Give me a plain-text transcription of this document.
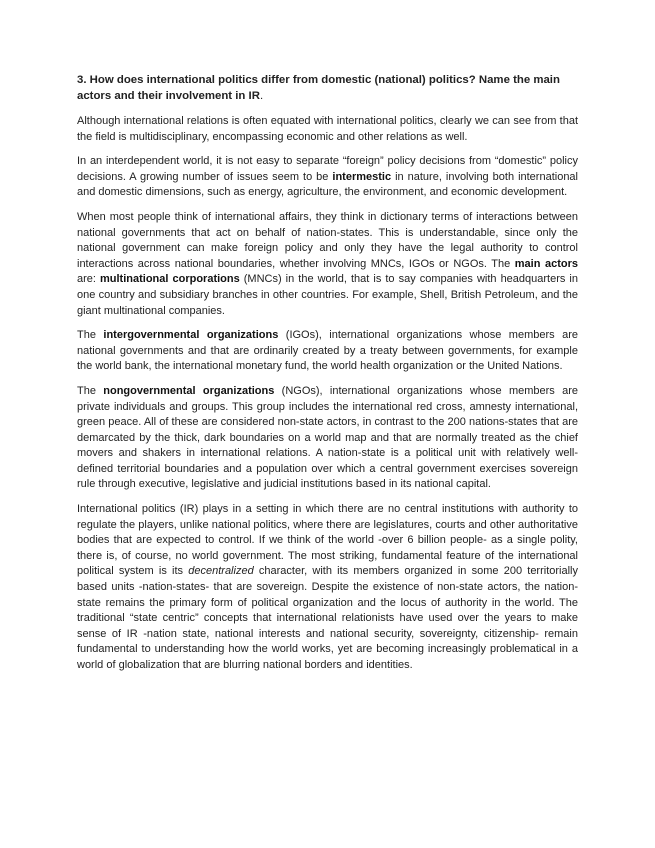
3. How does international politics differ from domestic (national) politics? Name the main actors and their involvement in IR.

Although international relations is often equated with international politics, clearly we can see from that the field is multidisciplinary, encompassing economic and other relations as well.

In an interdependent world, it is not easy to separate “foreign” policy decisions from “domestic” policy decisions. A growing number of issues seem to be intermestic in nature, involving both international and domestic dimensions, such as energy, agriculture, the environment, and economic development.

When most people think of international affairs, they think in dictionary terms of interactions between national governments that act on behalf of nation-states. This is understandable, since only the national government can make foreign policy and only they have the legal authority to control interactions across national boundaries, whether involving MNCs, IGOs or NGOs. The main actors are: multinational corporations (MNCs) in the world, that is to say companies with headquarters in one country and subsidiary branches in other countries. For example, Shell, British Petroleum, and the giant multinational companies.

The intergovernmental organizations (IGOs), international organizations whose members are national governments and that are ordinarily created by a treaty between governments, for example the world bank, the international monetary fund, the world health organization or the United Nations.

The nongovernmental organizations (NGOs), international organizations whose members are private individuals and groups. This group includes the international red cross, amnesty international, green peace. All of these are considered non-state actors, in contrast to the 200 nations-states that are demarcated by the thick, dark boundaries on a world map and that are normally treated as the chief movers and shakers in international relations. A nation-state is a political unit with relatively well-defined territorial boundaries and a population over which a central government exercises sovereign rule through executive, legislative and judicial institutions based in its national capital.

International politics (IR) plays in a setting in which there are no central institutions with authority to regulate the players, unlike national politics, where there are legislatures, courts and other authoritative bodies that are expected to control. If we think of the world -over 6 billion people- as a single polity, there is, of course, no world government. The most striking, fundamental feature of the international political system is its decentralized character, with its members organized in some 200 territorially based units -nation-states- that are sovereign. Despite the existence of non-state actors, the nation-state remains the primary form of political organization and the locus of authority in the world. The traditional “state centric” concepts that international relationists have used over the years to make sense of IR -nation state, national interests and national security, sovereignty, citizenship- remain fundamental to understanding how the world works, yet are becoming increasingly problematical in a world of globalization that are blurring national borders and identities.
